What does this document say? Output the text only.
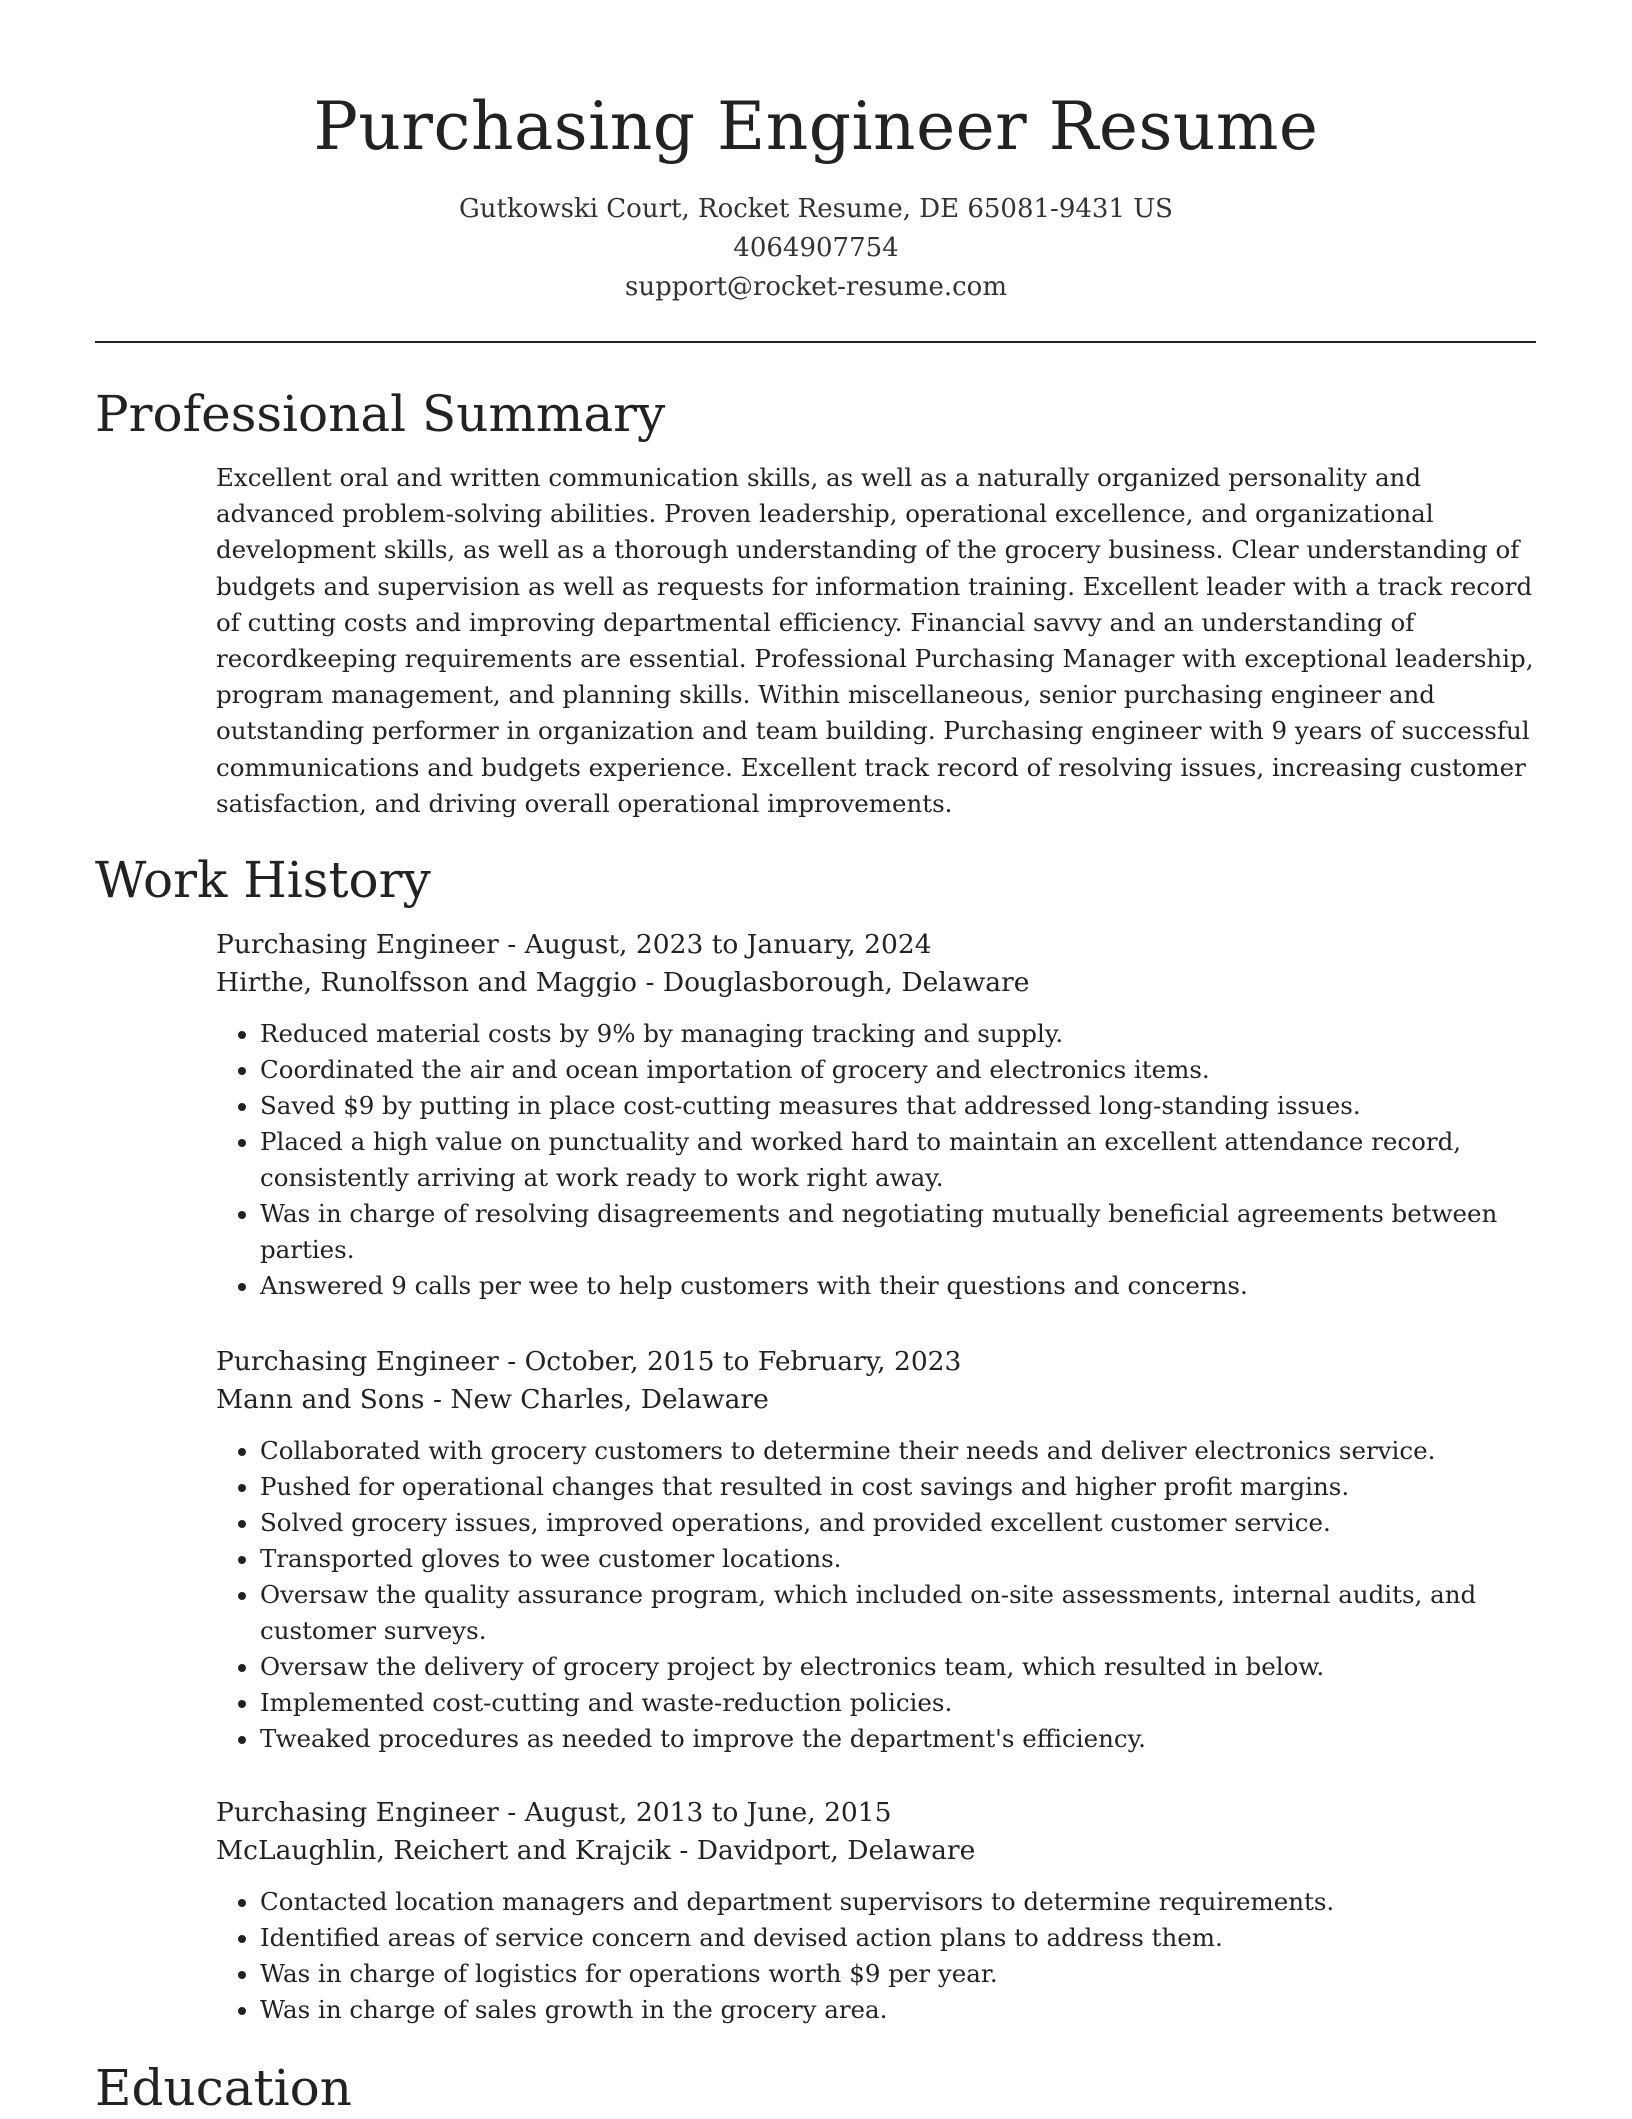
Purchasing Engineer Resume
Gutkowski Court, Rocket Resume, DE 65081-9431 US
4064907754
support@rocket-resume.com
Professional Summary

Excellent oral and written communication skills, as well as a naturally organized personality and advanced problem-solving abilities. Proven leadership, operational excellence, and organizational development skills, as well as a thorough understanding of the grocery business. Clear understanding of budgets and supervision as well as requests for information training. Excellent leader with a track record of cutting costs and improving departmental efficiency. Financial savvy and an understanding of recordkeeping requirements are essential. Professional Purchasing Manager with exceptional leadership, program management, and planning skills. Within miscellaneous, senior purchasing engineer and outstanding performer in organization and team building. Purchasing engineer with 9 years of successful communications and budgets experience. Excellent track record of resolving issues, increasing customer satisfaction, and driving overall operational improvements.

Work History
Purchasing Engineer - August, 2023 to January, 2024
Hirthe, Runolfsson and Maggio - Douglasborough, Delaware
• Reduced material costs by 9% by managing tracking and supply.
• Coordinated the air and ocean importation of grocery and electronics items.
• Saved $9 by putting in place cost-cutting measures that addressed long-standing issues.
• Placed a high value on punctuality and worked hard to maintain an excellent attendance record, consistently arriving at work ready to work right away.
• Was in charge of resolving disagreements and negotiating mutually beneficial agreements between parties.
• Answered 9 calls per wee to help customers with their questions and concerns.
Purchasing Engineer - October, 2015 to February, 2023
Mann and Sons - New Charles, Delaware
• Collaborated with grocery customers to determine their needs and deliver electronics service.
• Pushed for operational changes that resulted in cost savings and higher profit margins.
• Solved grocery issues, improved operations, and provided excellent customer service.
• Transported gloves to wee customer locations.
• Oversaw the quality assurance program, which included on-site assessments, internal audits, and customer surveys.
• Oversaw the delivery of grocery project by electronics team, which resulted in below.
• Implemented cost-cutting and waste-reduction policies.
• Tweaked procedures as needed to improve the department's efficiency.
Purchasing Engineer - August, 2013 to June, 2015
McLaughlin, Reichert and Krajcik - Davidport, Delaware
• Contacted location managers and department supervisors to determine requirements.
• Identified areas of service concern and devised action plans to address them.
• Was in charge of logistics for operations worth $9 per year.
• Was in charge of sales growth in the grocery area.
Education
